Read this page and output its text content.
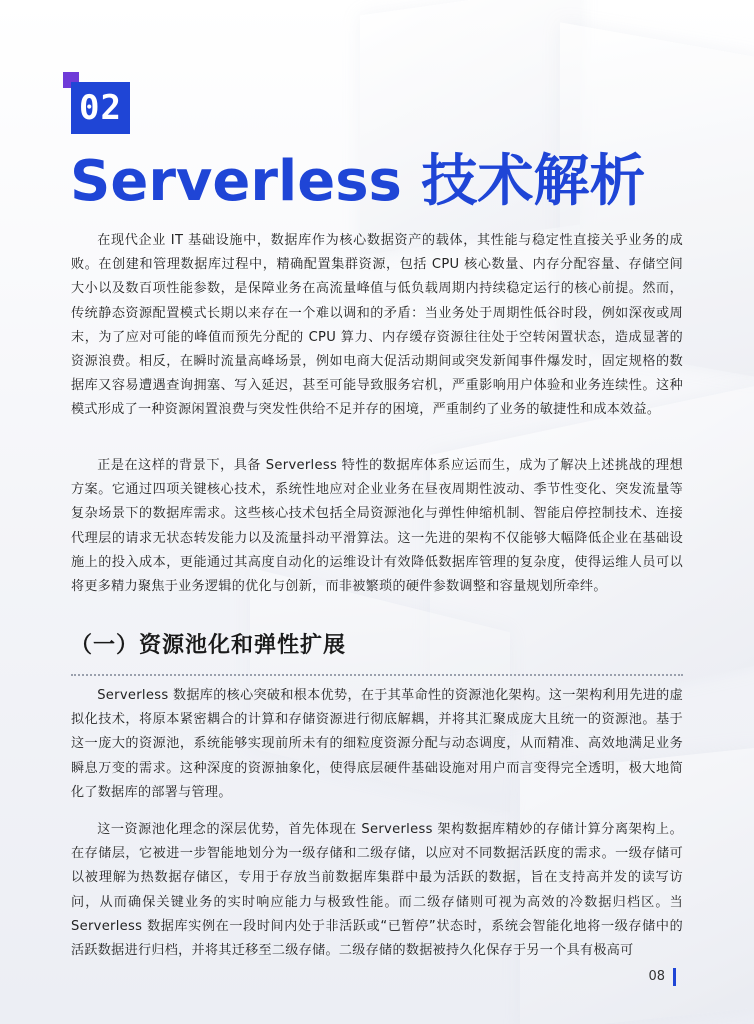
02
Serverless 技术解析

在现代企业 IT 基础设施中，数据库作为核心数据资产的载体，其性能与稳定性直接关乎业务的成败。在创建和管理数据库过程中，精确配置集群资源，包括 CPU 核心数量、内存分配容量、存储空间大小以及数百项性能参数，是保障业务在高流量峰值与低负载周期内持续稳定运行的核心前提。然而，传统静态资源配置模式长期以来存在一个难以调和的矛盾：当业务处于周期性低谷时段，例如深夜或周末，为了应对可能的峰值而预先分配的 CPU 算力、内存缓存资源往往处于空转闲置状态，造成显著的资源浪费。相反，在瞬时流量高峰场景，例如电商大促活动期间或突发新闻事件爆发时，固定规格的数据库又容易遭遇查询拥塞、写入延迟，甚至可能导致服务宕机，严重影响用户体验和业务连续性。这种模式形成了一种资源闲置浪费与突发性供给不足并存的困境，严重制约了业务的敏捷性和成本效益。

正是在这样的背景下，具备 Serverless 特性的数据库体系应运而生，成为了解决上述挑战的理想方案。它通过四项关键核心技术，系统性地应对企业业务在昼夜周期性波动、季节性变化、突发流量等复杂场景下的数据库需求。这些核心技术包括全局资源池化与弹性伸缩机制、智能启停控制技术、连接代理层的请求无状态转发能力以及流量抖动平滑算法。这一先进的架构不仅能够大幅降低企业在基础设施上的投入成本，更能通过其高度自动化的运维设计有效降低数据库管理的复杂度，使得运维人员可以将更多精力聚焦于业务逻辑的优化与创新，而非被繁琐的硬件参数调整和容量规划所牵绊。

（一）资源池化和弹性扩展

Serverless 数据库的核心突破和根本优势，在于其革命性的资源池化架构。这一架构利用先进的虚拟化技术，将原本紧密耦合的计算和存储资源进行彻底解耦，并将其汇聚成庞大且统一的资源池。基于这一庞大的资源池，系统能够实现前所未有的细粒度资源分配与动态调度，从而精准、高效地满足业务瞬息万变的需求。这种深度的资源抽象化，使得底层硬件基础设施对用户而言变得完全透明，极大地简化了数据库的部署与管理。

这一资源池化理念的深层优势，首先体现在 Serverless 架构数据库精妙的存储计算分离架构上。在存储层，它被进一步智能地划分为一级存储和二级存储，以应对不同数据活跃度的需求。一级存储可以被理解为热数据存储区，专用于存放当前数据库集群中最为活跃的数据，旨在支持高并发的读写访问，从而确保关键业务的实时响应能力与极致性能。而二级存储则可视为高效的冷数据归档区。当 Serverless 数据库实例在一段时间内处于非活跃或“已暂停”状态时，系统会智能化地将一级存储中的活跃数据进行归档，并将其迁移至二级存储。二级存储的数据被持久化保存于另一个具有极高可

08
